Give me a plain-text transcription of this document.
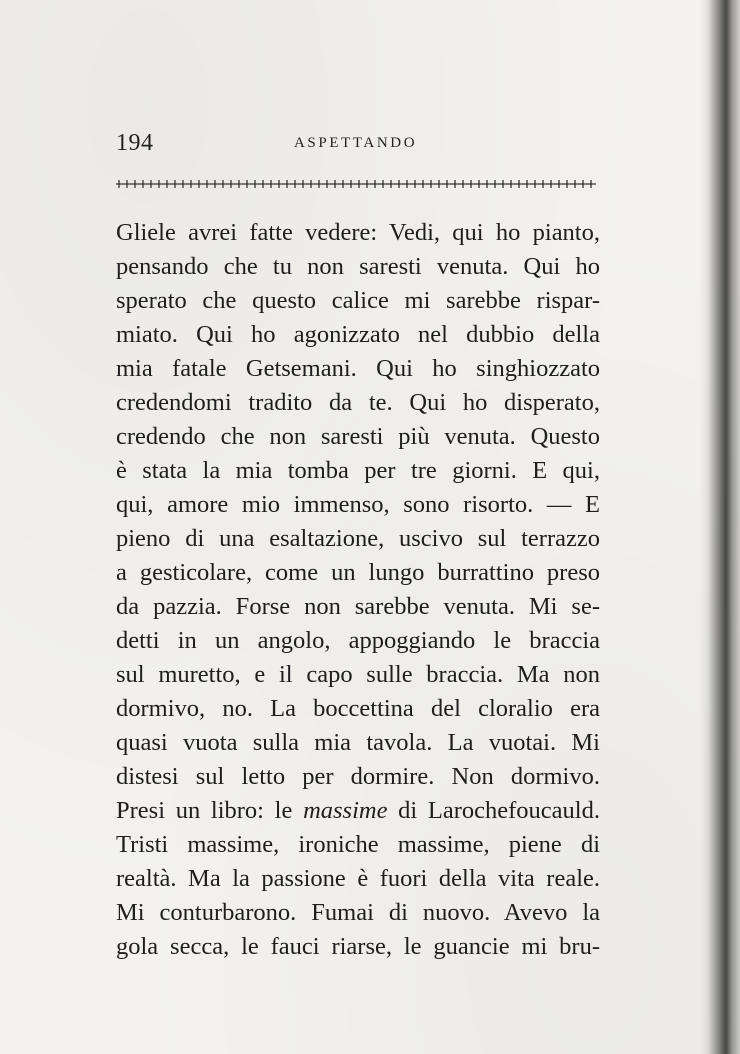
194	ASPETTANDO
Gliele avrei fatte vedere: Vedi, qui ho pianto,
pensando che tu non saresti venuta. Qui ho
sperato che questo calice mi sarebbe rispar-
miato. Qui ho agonizzato nel dubbio della
mia fatale Getsemani. Qui ho singhiozzato
credendomi tradito da te. Qui ho disperato,
credendo che non saresti più venuta. Questo
è stata la mia tomba per tre giorni. E qui,
qui, amore mio immenso, sono risorto. — E
pieno di una esaltazione, uscivo sul terrazzo
a gesticolare, come un lungo burrattino preso
da pazzia. Forse non sarebbe venuta. Mi se-
detti in un angolo, appoggiando le braccia
sul muretto, e il capo sulle braccia. Ma non
dormivo, no. La boccettina del cloralio era
quasi vuota sulla mia tavola. La vuotai. Mi
distesi sul letto per dormire. Non dormivo.
Presi un libro: le massime di Larochefoucauld.
Tristi massime, ironiche massime, piene di
realtà. Ma la passione è fuori della vita reale.
Mi conturbarono. Fumai di nuovo. Avevo la
gola secca, le fauci riarse, le guancie mi bru-
